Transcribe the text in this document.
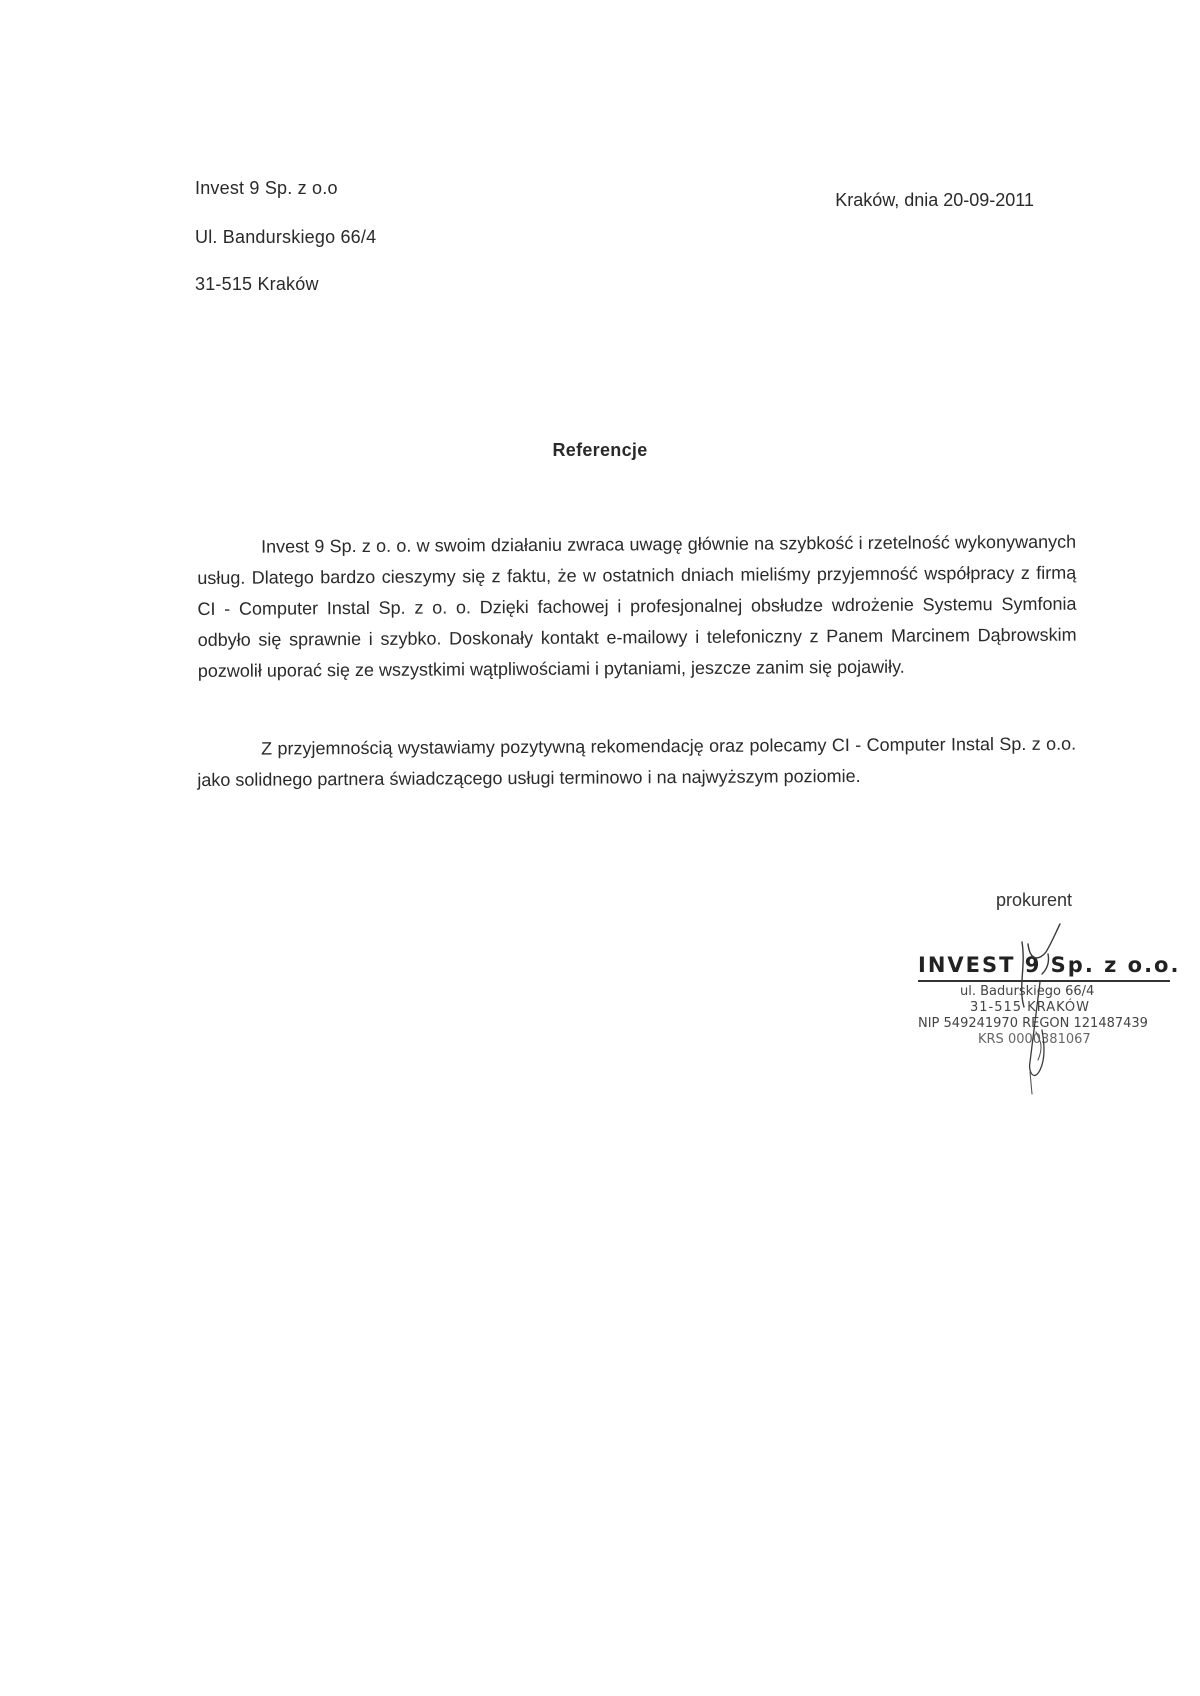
Invest 9 Sp. z o.o
Ul. Bandurskiego 66/4
31-515 Kraków
Kraków, dnia 20-09-2011
Referencje

Invest 9 Sp. z o. o. w swoim działaniu zwraca uwagę głównie na szybkość i rzetelność wykonywanych usług. Dlatego bardzo cieszymy się z faktu, że w ostatnich dniach mieliśmy przyjemność współpracy z firmą CI - Computer Instal Sp. z o. o. Dzięki fachowej i profesjonalnej obsłudze wdrożenie Systemu Symfonia odbyło się sprawnie i szybko. Doskonały kontakt e-mailowy i telefoniczny z Panem Marcinem Dąbrowskim pozwolił uporać się ze wszystkimi wątpliwościami i pytaniami, jeszcze zanim się pojawiły.

Z przyjemnością wystawiamy pozytywną rekomendację oraz polecamy CI - Computer Instal Sp. z o.o. jako solidnego partnera świadczącego usługi terminowo i na najwyższym poziomie.

prokurent
INVEST 9 Sp. z o.o.
ul. Badurskiego 66/4
31-515 KRAKÓW
NIP 549241970 REGON 121487439
KRS 0000381067
